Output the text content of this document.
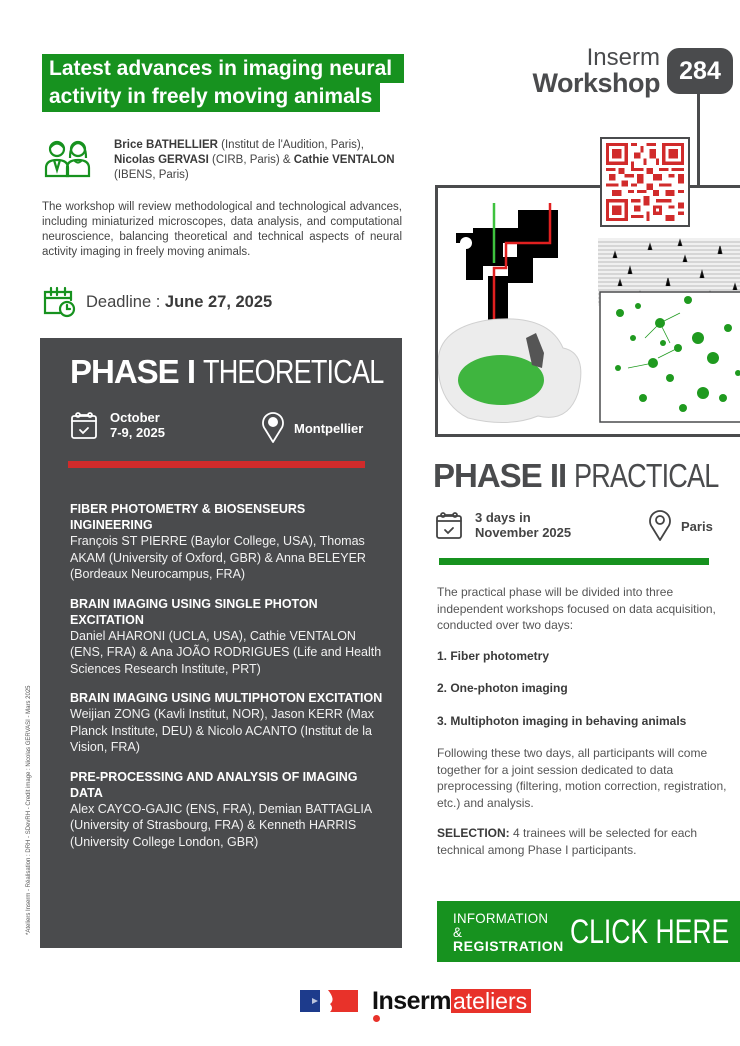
Latest advances in imaging neural
activity in freely moving animals
Brice BATHELLIER (Institut de l'Audition, Paris),
Nicolas GERVASI (CIRB, Paris) & Cathie VENTALON
(IBENS, Paris)

The workshop will review methodological and technological advances, including miniaturized microscopes, data analysis, and computational neuroscience, balancing theoretical and technical aspects of neural activity imaging in freely moving animals.

Deadline : June 27, 2025
*Ateliers Inserm - Réalisation : DRH - SDevRH - Credit image : Nicolas GERVASI - Mars 2025
PHASE I THEORETICAL
October
7-9, 2025	Montpellier
FIBER PHOTOMETRY & BIOSENSEURS INGINEERING
François ST PIERRE (Baylor College, USA), Thomas AKAM (University of Oxford, GBR) & Anna BELEYER (Bordeaux Neurocampus, FRA)
BRAIN IMAGING USING SINGLE PHOTON EXCITATION
Daniel AHARONI (UCLA, USA), Cathie VENTALON (ENS, FRA) & Ana JOÃO RODRIGUES (Life and Health Sciences Research Institute, PRT)
BRAIN IMAGING USING MULTIPHOTON EXCITATION
Weijian ZONG (Kavli Institut, NOR), Jason KERR (Max Planck Institute, DEU) & Nicolo ACANTO (Institut de la Vision, FRA)
PRE-PROCESSING AND ANALYSIS OF IMAGING DATA
Alex CAYCO-GAJIC (ENS, FRA), Demian BATTAGLIA (University of Strasbourg, FRA) & Kenneth HARRIS (University College London, GBR)
Inserm
Workshop 284
PHASE II PRACTICAL
3 days in
November 2025	Paris

The practical phase will be divided into three independent workshops focused on data acquisition, conducted over two days:

1. Fiber photometry
2. One-photon imaging
3. Multiphoton imaging in behaving animals

Following these two days, all participants will come together for a joint session dedicated to data preprocessing (filtering, motion correction, registration, etc.) and analysis.

SELECTION: 4 trainees will be selected for each technical among Phase I participants.

INFORMATION &
REGISTRATION CLICK HERE
Inserm ateliers
